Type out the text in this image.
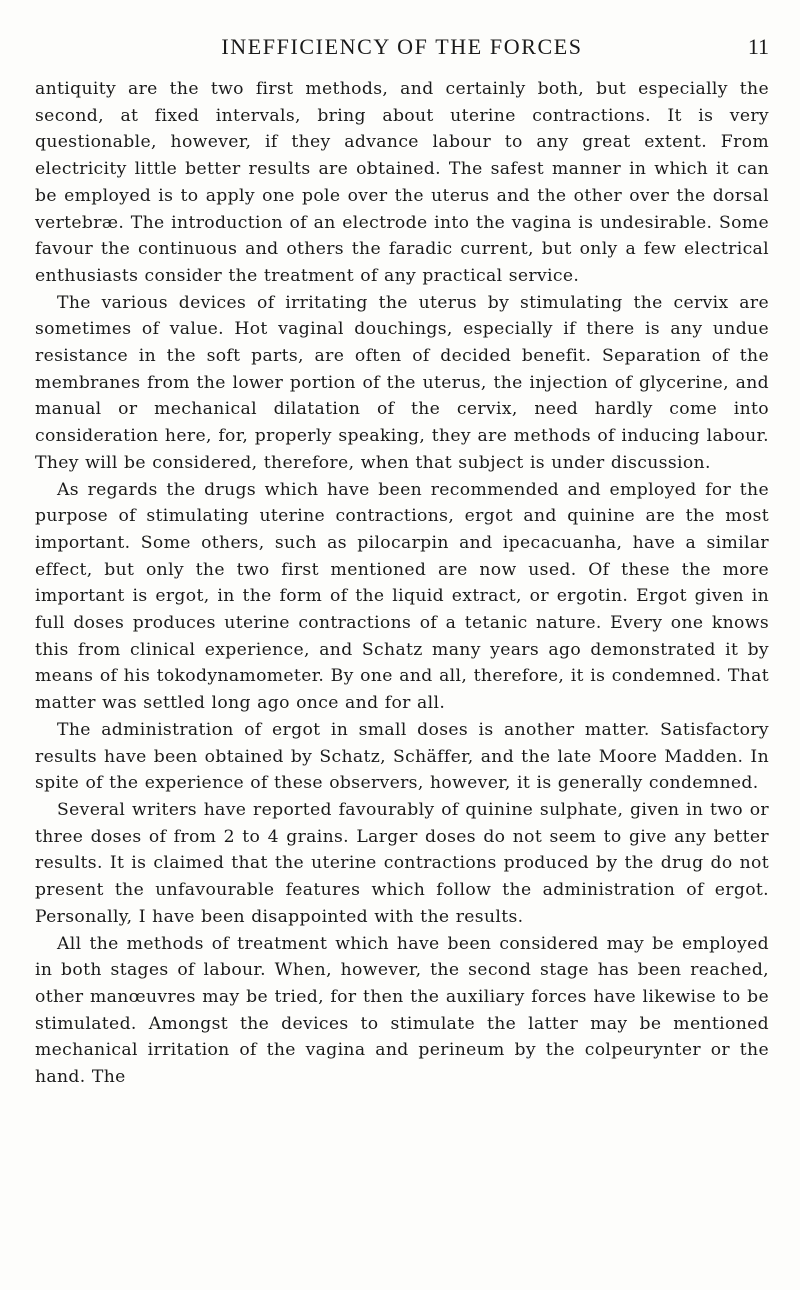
INEFFICIENCY OF THE FORCES	11

antiquity are the two first methods, and certainly both, but especially the second, at fixed intervals, bring about uterine contractions. It is very questionable, however, if they advance labour to any great extent. From electricity little better results are obtained. The safest manner in which it can be employed is to apply one pole over the uterus and the other over the dorsal vertebræ. The introduction of an electrode into the vagina is undesirable. Some favour the continuous and others the faradic current, but only a few electrical enthusiasts consider the treatment of any practical service.

The various devices of irritating the uterus by stimulating the cervix are sometimes of value. Hot vaginal douchings, especially if there is any undue resistance in the soft parts, are often of decided benefit. Separation of the membranes from the lower portion of the uterus, the injection of glycerine, and manual or mechanical dilatation of the cervix, need hardly come into consideration here, for, properly speaking, they are methods of inducing labour. They will be considered, therefore, when that subject is under discussion.

As regards the drugs which have been recommended and employed for the purpose of stimulating uterine contractions, ergot and quinine are the most important. Some others, such as pilocarpin and ipecacuanha, have a similar effect, but only the two first mentioned are now used. Of these the more important is ergot, in the form of the liquid extract, or ergotin. Ergot given in full doses produces uterine contractions of a tetanic nature. Every one knows this from clinical experience, and Schatz many years ago demonstrated it by means of his tokodynamometer. By one and all, therefore, it is condemned. That matter was settled long ago once and for all.

The administration of ergot in small doses is another matter. Satisfactory results have been obtained by Schatz, Schäffer, and the late Moore Madden. In spite of the experience of these observers, however, it is generally condemned.

Several writers have reported favourably of quinine sulphate, given in two or three doses of from 2 to 4 grains. Larger doses do not seem to give any better results. It is claimed that the uterine contractions produced by the drug do not present the unfavourable features which follow the administration of ergot. Personally, I have been disappointed with the results.

All the methods of treatment which have been considered may be employed in both stages of labour. When, however, the second stage has been reached, other manœuvres may be tried, for then the auxiliary forces have likewise to be stimulated. Amongst the devices to stimulate the latter may be mentioned mechanical irritation of the vagina and perineum by the colpeurynter or the hand. The
